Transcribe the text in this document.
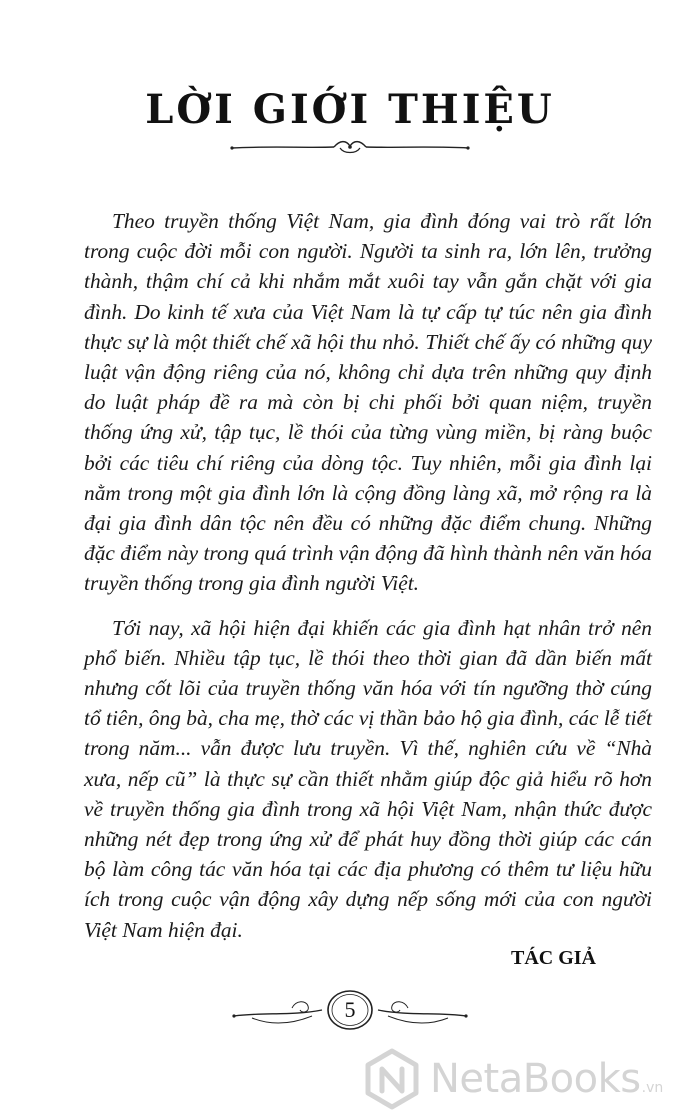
LỜI GIỚI THIỆU

Theo truyền thống Việt Nam, gia đình đóng vai trò rất lớn trong cuộc đời mỗi con người. Người ta sinh ra, lớn lên, trưởng thành, thậm chí cả khi nhắm mắt xuôi tay vẫn gắn chặt với gia đình. Do kinh tế xưa của Việt Nam là tự cấp tự túc nên gia đình thực sự là một thiết chế xã hội thu nhỏ. Thiết chế ấy có những quy luật vận động riêng của nó, không chỉ dựa trên những quy định do luật pháp đề ra mà còn bị chi phối bởi quan niệm, truyền thống ứng xử, tập tục, lề thói của từng vùng miền, bị ràng buộc bởi các tiêu chí riêng của dòng tộc. Tuy nhiên, mỗi gia đình lại nằm trong một gia đình lớn là cộng đồng làng xã, mở rộng ra là đại gia đình dân tộc nên đều có những đặc điểm chung. Những đặc điểm này trong quá trình vận động đã hình thành nên văn hóa truyền thống trong gia đình người Việt.

Tới nay, xã hội hiện đại khiến các gia đình hạt nhân trở nên phổ biến. Nhiều tập tục, lề thói theo thời gian đã dần biến mất nhưng cốt lõi của truyền thống văn hóa với tín ngưỡng thờ cúng tổ tiên, ông bà, cha mẹ, thờ các vị thần bảo hộ gia đình, các lễ tiết trong năm... vẫn được lưu truyền. Vì thế, nghiên cứu về “Nhà xưa, nếp cũ” là thực sự cần thiết nhằm giúp độc giả hiểu rõ hơn về truyền thống gia đình trong xã hội Việt Nam, nhận thức được những nét đẹp trong ứng xử để phát huy đồng thời giúp các cán bộ làm công tác văn hóa tại các địa phương có thêm tư liệu hữu ích trong cuộc vận động xây dựng nếp sống mới của con người Việt Nam hiện đại.

TÁC GIẢ
5
NetaBooks .vn
